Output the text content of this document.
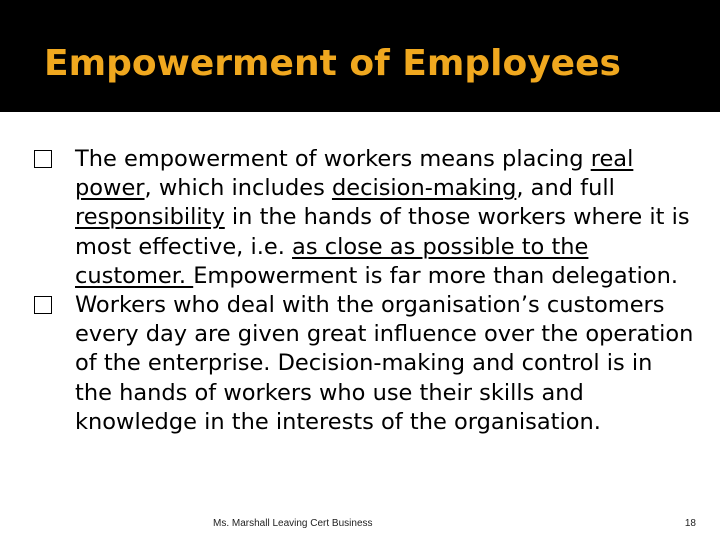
Empowerment of Employees

The empowerment of workers means placing real power, which includes decision-making, and full responsibility in the hands of those workers where it is most effective, i.e. as close as possible to the customer. Empowerment is far more than delegation.

Workers who deal with the organisation’s customers every day are given great influence over the operation of the enterprise. Decision-making and control is in the hands of workers who use their skills and knowledge in the interests of the organisation.

Ms. Marshall Leaving Cert Business	18
